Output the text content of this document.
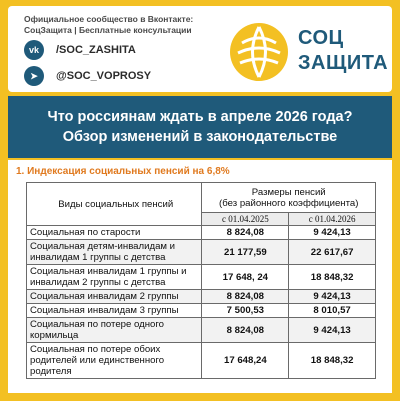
Официальное сообщество в Вконтакте:
СоцЗащита | Бесплатные консультации
vk	/SOC_ZASHITA
➤	@SOC_VOPROSY
СОЦ
ЗАЩИТА
Что россиянам ждать в апреле 2026 года?
Обзор изменений в законодательстве
1. Индексация социальных пенсий на 6,8%
Виды социальных пенсий	Размеры пенсий
(без районного коэффициента)	

	с 01.04.2025	с 01.04.2026
Социальная по старости	8 824,08	9 424,13
Социальная детям-инвалидам и инвалидам 1 группы с детства	21 177,59	22 617,67
Социальная инвалидам 1 группы и инвалидам 2 группы с детства	17 648, 24	18 848,32
Социальная инвалидам 2 группы	8 824,08	9 424,13
Социальная инвалидам 3 группы	7 500,53	8 010,57
Социальная по потере одного кормильца	8 824,08	9 424,13
Социальная по потере обоих родителей или единственного родителя	17 648,24	18 848,32
